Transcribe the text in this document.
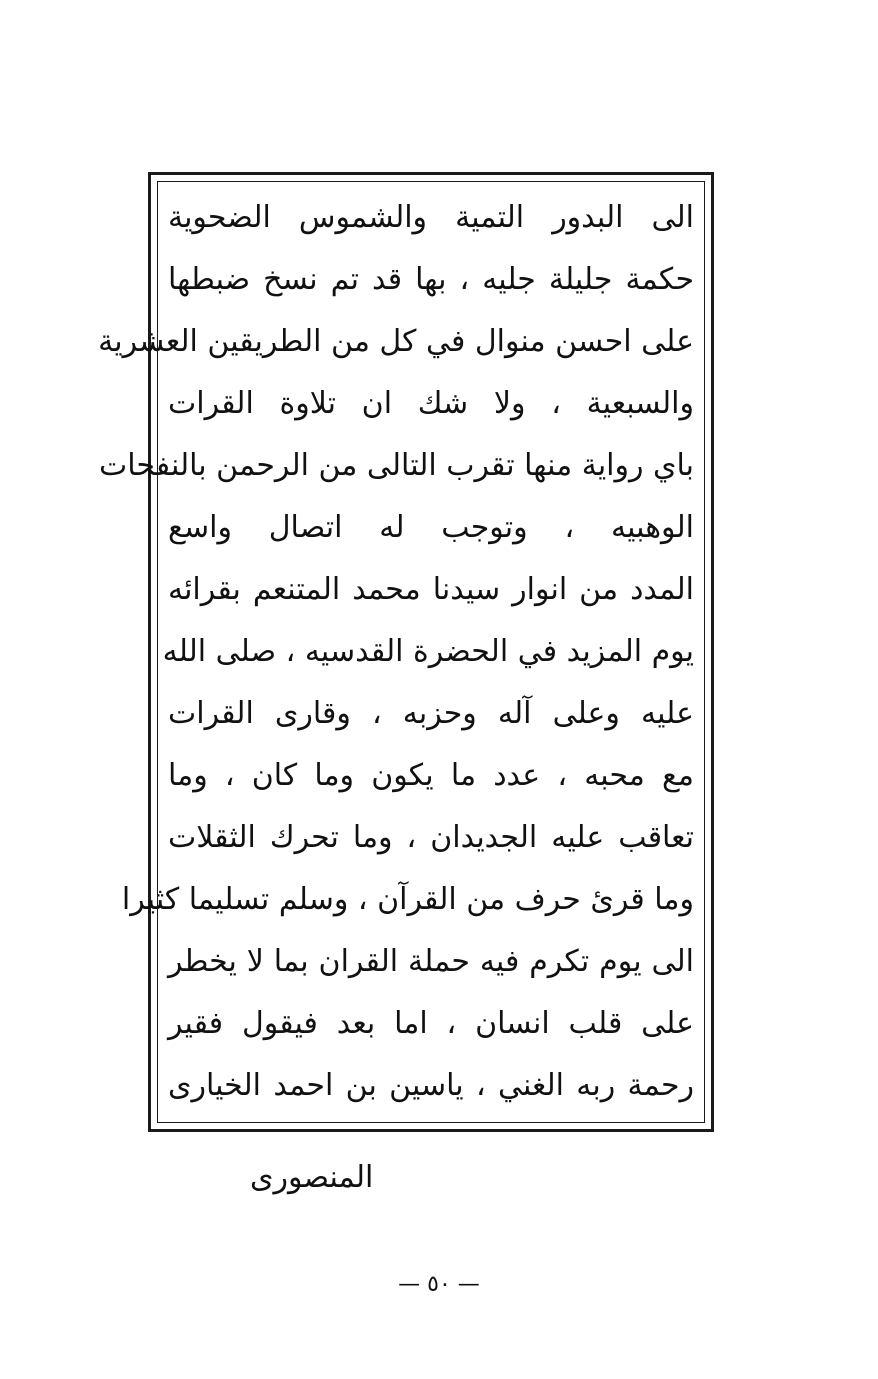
الى البدور التمية والشموس الضحوية
حكمة جليلة جليه ، بها قد تم نسخ ضبطها
على احسن منوال في كل من الطريقين العشرية
والسبعية ، ولا شك ان تلاوة القرات
باي رواية منها تقرب التالى من الرحمن بالنفحات
الوهبيه ، وتوجب له اتصال واسع
المدد من انوار سيدنا محمد المتنعم بقرائه
يوم المزيد في الحضرة القدسيه ، صلى الله
عليه وعلى آله وحزبه ، وقارى القرات
مع محبه ، عدد ما يكون وما كان ، وما
تعاقب عليه الجديدان ، وما تحرك الثقلات
وما قرئ حرف من القرآن ، وسلم تسليما كثيرا
الى يوم تكرم فيه حملة القران بما لا يخطر
على قلب انسان ، اما بعد فيقول فقير
رحمة ربه الغني ، ياسين بن احمد الخيارى
المنصورى
— ٥٠ —
